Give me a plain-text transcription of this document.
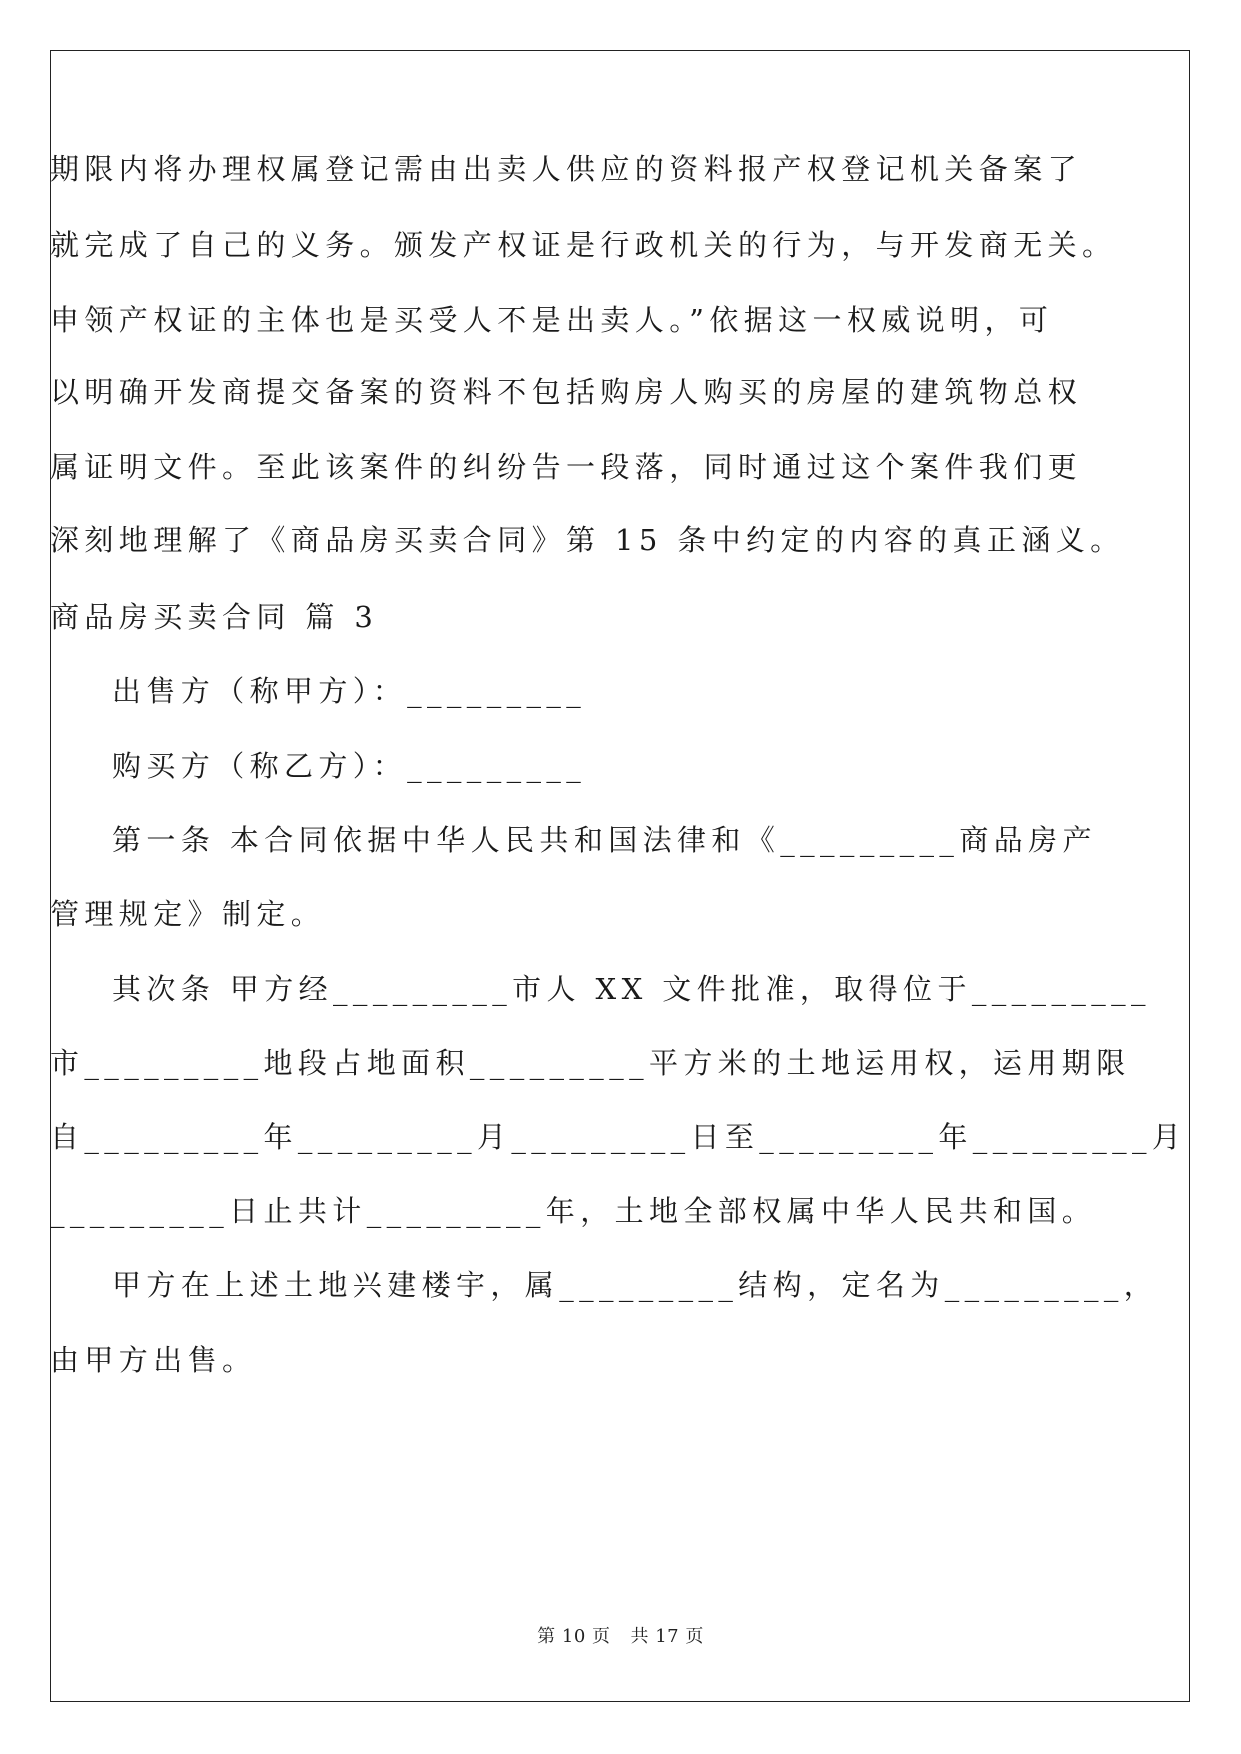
期限内将办理权属登记需由出卖人供应的资料报产权登记机关备案了
就完成了自己的义务。颁发产权证是行政机关的行为，与开发商无关。
申领产权证的主体也是买受人不是出卖人。”依据这一权威说明，可
以明确开发商提交备案的资料不包括购房人购买的房屋的建筑物总权
属证明文件。至此该案件的纠纷告一段落，同时通过这个案件我们更
深刻地理解了《商品房买卖合同》第 15 条中约定的内容的真正涵义。
商品房买卖合同 篇 3
出售方（称甲方）：_________
购买方（称乙方）：_________
第一条 本合同依据中华人民共和国法律和《_________商品房产
管理规定》制定。
其次条 甲方经_________市人 XX 文件批准，取得位于_________
市_________地段占地面积_________平方米的土地运用权，运用期限
自_________年_________月_________日至_________年_________月
_________日止共计_________年，土地全部权属中华人民共和国。
甲方在上述土地兴建楼宇，属_________结构，定名为_________，
由甲方出售。
第 10 页 共 17 页
